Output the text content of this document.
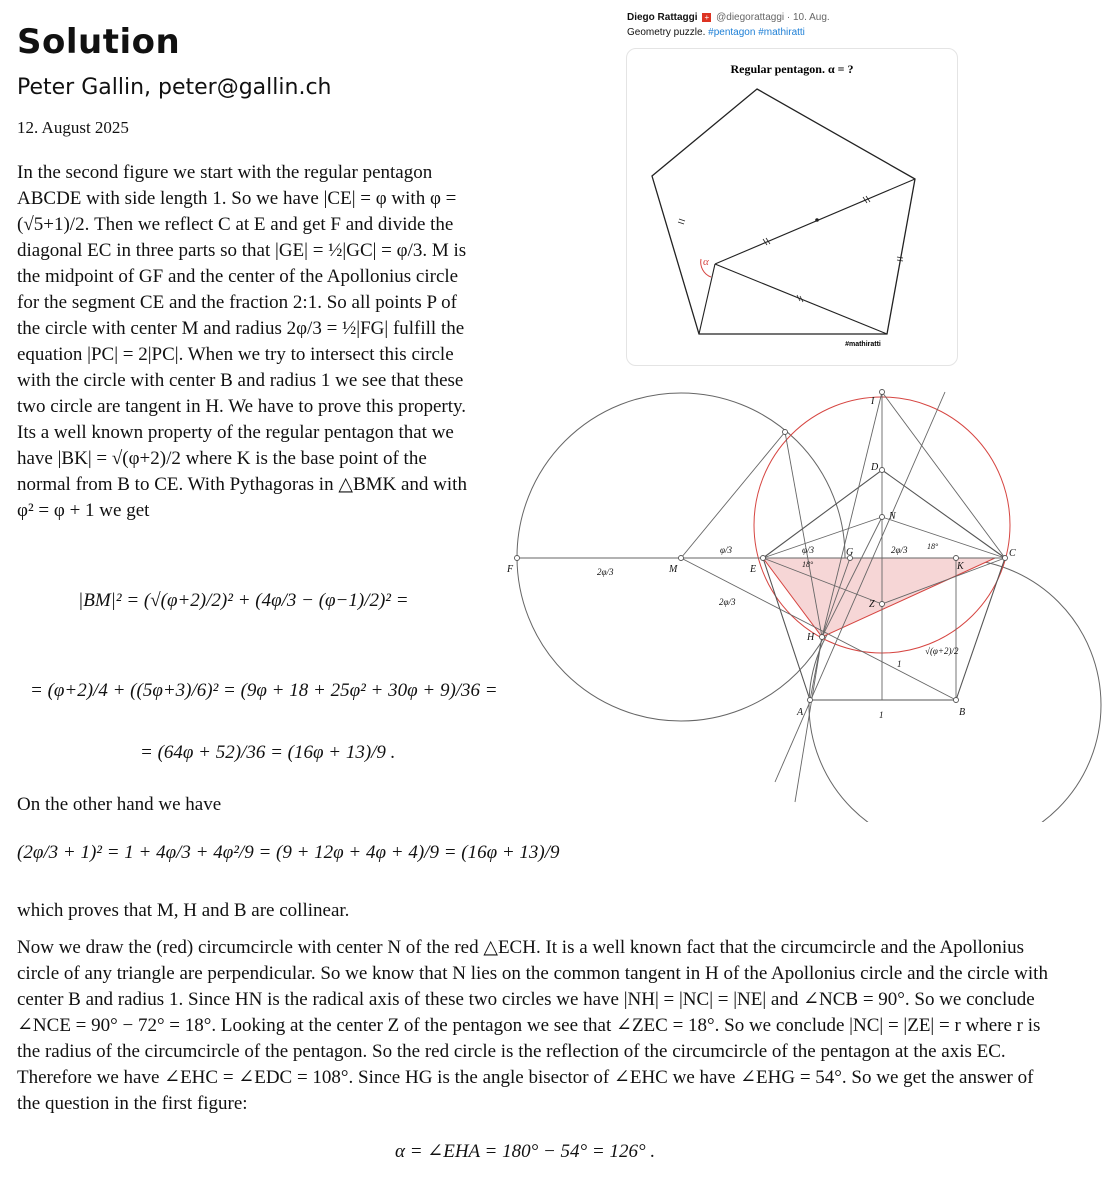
Solution
Peter Gallin, peter@gallin.ch
12. August 2025
In the second figure we start with the regular pentagon ABCDE with side length 1. So we have |CE| = φ with φ = (√5+1)/2. Then we reflect C at E and get F and divide the diagonal EC in three parts so that |GE| = ½|GC| = φ/3. M is the midpoint of GF and the center of the Apollonius circle for the segment CE and the fraction 2:1. So all points P of the circle with center M and radius 2φ/3 = ½|FG| fulfill the equation |PC| = 2|PC|. When we try to intersect this circle with the circle with center B and radius 1 we see that these two circle are tangent in H. We have to prove this property. Its a well known property of the regular pentagon that we have |BK| = √(φ+2)/2 where K is the base point of the normal from B to CE. With Pythagoras in △BMK and with φ² = φ + 1 we get
|BM|² = (√(φ+2)/2)² + (4φ/3 − (φ−1)/2)² =
= (φ+2)/4 + ((5φ+3)/6)² = (9φ + 18 + 25φ² + 30φ + 9)/36 =
= (64φ + 52)/36 = (16φ + 13)/9 .
On the other hand we have
(2φ/3 + 1)² = 1 + 4φ/3 + 4φ²/9 = (9 + 12φ + 4φ + 4)/9 = (16φ + 13)/9
which proves that M, H and B are collinear.
Now we draw the (red) circumcircle with center N of the red △ECH. It is a well known fact that the circumcircle and the Apollonius circle of any triangle are perpendicular. So we know that N lies on the common tangent in H of the Apollonius circle and the circle with center B and radius 1. Since HN is the radical axis of these two circles we have |NH| = |NC| = |NE| and ∠NCB = 90°. So we conclude ∠NCE = 90° − 72° = 18°. Looking at the center Z of the pentagon we see that ∠ZEC = 18°. So we conclude |NC| = |ZE| = r where r is the radius of the circumcircle of the pentagon. So the red circle is the reflection of the circumcircle of the pentagon at the axis EC. Therefore we have ∠EHC = ∠EDC = 108°. Since HG is the angle bisector of ∠EHC we have ∠EHG = 54°. So we get the answer of the question in the first figure:
α = ∠EHA = 180° − 54° = 126° .
Diego Rattaggi + @diegorattaggi · 10. Aug.
Geometry puzzle. #pentagon #mathiratti
Regular pentagon. α = ?
α
#mathiratti
F	M	E
G	C
D
N
I
Z
H
A	B
K
φ/3	φ/3	2φ/3
2φ/3
2φ/3
18°
18°
√(φ+2)/2
1
1
